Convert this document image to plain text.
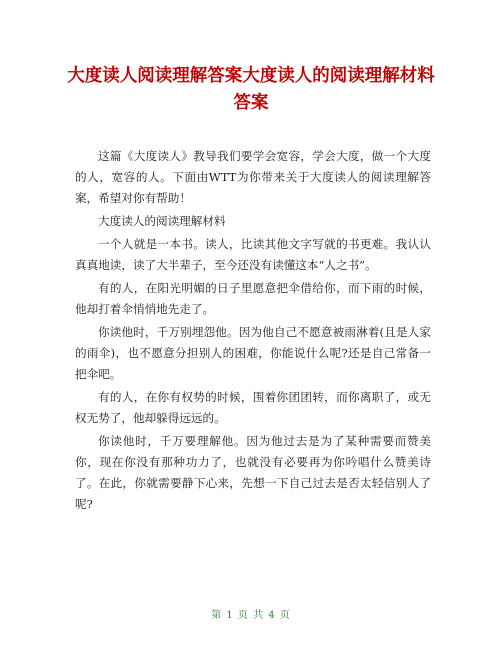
大度读人阅读理解答案大度读人的阅读理解材料答案

这篇《大度读人》教导我们要学会宽容，学会大度，做一个大度的人，宽容的人。下面由WTT为你带来关于大度读人的阅读理解答案，希望对你有帮助！

大度读人的阅读理解材料

一个人就是一本书。读人，比读其他文字写就的书更难。我认认真真地读，读了大半辈子，至今还没有读懂这本“人之书”。

有的人，在阳光明媚的日子里愿意把伞借给你，而下雨的时候，他却打着伞悄悄地先走了。

你读他时，千万别埋怨他。因为他自己不愿意被雨淋着(且是人家的雨伞)，也不愿意分担别人的困难，你能说什么呢?还是自己常备一把伞吧。

有的人，在你有权势的时候，围着你团团转，而你离职了，或无权无势了，他却躲得远远的。

你读他时，千万要理解他。因为他过去是为了某种需要而赞美你，现在你没有那种功力了，也就没有必要再为你吟唱什么赞美诗了。在此，你就需要静下心来，先想一下自己过去是否太轻信别人了呢?

第 1 页 共 4 页
